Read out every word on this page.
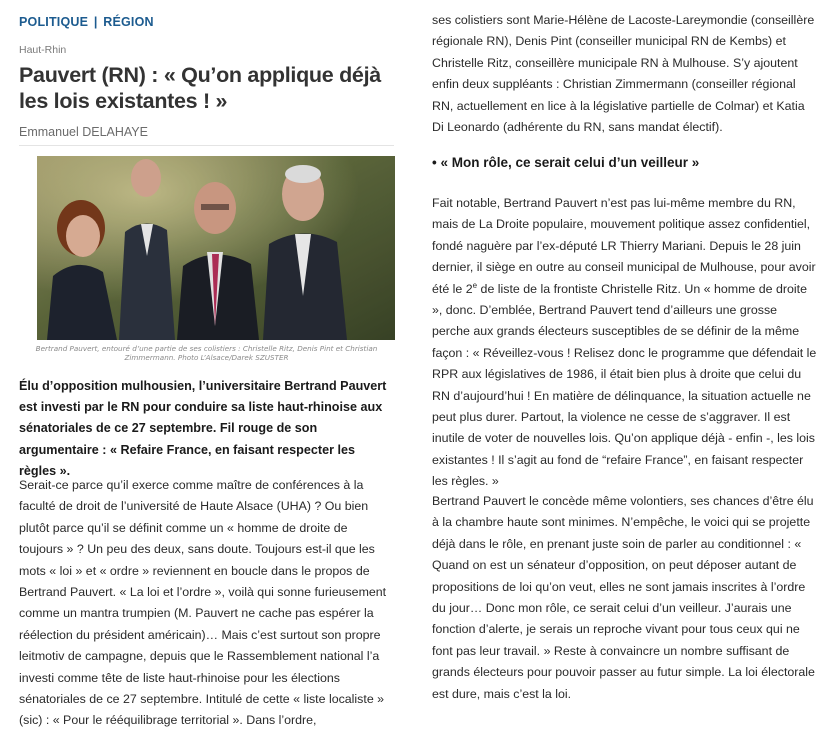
POLITIQUE | RÉGION
Haut-Rhin
Pauvert (RN) : « Qu’on applique déjà les lois existantes ! »
Emmanuel DELAHAYE
Bertrand Pauvert, entouré d’une partie de ses colistiers : Christelle Ritz, Denis Pint et Christian Zimmermann. Photo L’Alsace/Darek SZUSTER

Élu d’opposition mulhousien, l’universitaire Bertrand Pauvert est investi par le RN pour conduire sa liste haut-rhinoise aux sénatoriales de ce 27 septembre. Fil rouge de son argumentaire : « Refaire France, en faisant respecter les règles ».

Serait-ce parce qu’il exerce comme maître de conférences à la faculté de droit de l’université de Haute Alsace (UHA) ? Ou bien plutôt parce qu’il se définit comme un « homme de droite de toujours » ? Un peu des deux, sans doute. Toujours est-il que les mots « loi » et « ordre » reviennent en boucle dans le propos de Bertrand Pauvert. « La loi et l’ordre », voilà qui sonne furieusement comme un mantra trumpien (M. Pauvert ne cache pas espérer la réélection du président américain)… Mais c’est surtout son propre leitmotiv de campagne, depuis que le Rassemblement national l’a investi comme tête de liste haut-rhinoise pour les élections sénatoriales de ce 27 septembre. Intitulé de cette « liste localiste » (sic) : « Pour le rééquilibrage territorial ». Dans l’ordre,

ses colistiers sont Marie-Hélène de Lacoste-Lareymondie (conseillère régionale RN), Denis Pint (conseiller municipal RN de Kembs) et Christelle Ritz, conseillère municipale RN à Mulhouse. S’y ajoutent enfin deux suppléants : Christian Zimmermann (conseiller régional RN, actuellement en lice à la législative partielle de Colmar) et Katia Di Leonardo (adhérente du RN, sans mandat électif).

• « Mon rôle, ce serait celui d’un veilleur »

Fait notable, Bertrand Pauvert n’est pas lui-même membre du RN, mais de La Droite populaire, mouvement politique assez confidentiel, fondé naguère par l’ex-député LR Thierry Mariani. Depuis le 28 juin dernier, il siège en outre au conseil municipal de Mulhouse, pour avoir été le 2e de liste de la frontiste Christelle Ritz. Un « homme de droite », donc. D’emblée, Bertrand Pauvert tend d’ailleurs une grosse perche aux grands électeurs susceptibles de se définir de la même façon : « Réveillez-vous ! Relisez donc le programme que défendait le RPR aux législatives de 1986, il était bien plus à droite que celui du RN d’aujourd’hui ! En matière de délinquance, la situation actuelle ne peut plus durer. Partout, la violence ne cesse de s’aggraver. Il est inutile de voter de nouvelles lois. Qu’on applique déjà - enfin -, les lois existantes ! Il s’agit au fond de “refaire France”, en faisant respecter les règles. »

Bertrand Pauvert le concède même volontiers, ses chances d’être élu à la chambre haute sont minimes. N’empêche, le voici qui se projette déjà dans le rôle, en prenant juste soin de parler au conditionnel : « Quand on est un sénateur d’opposition, on peut déposer autant de propositions de loi qu’on veut, elles ne sont jamais inscrites à l’ordre du jour… Donc mon rôle, ce serait celui d’un veilleur. J’aurais une fonction d’alerte, je serais un reproche vivant pour tous ceux qui ne font pas leur travail. » Reste à convaincre un nombre suffisant de grands électeurs pour pouvoir passer au futur simple. La loi électorale est dure, mais c’est la loi.
